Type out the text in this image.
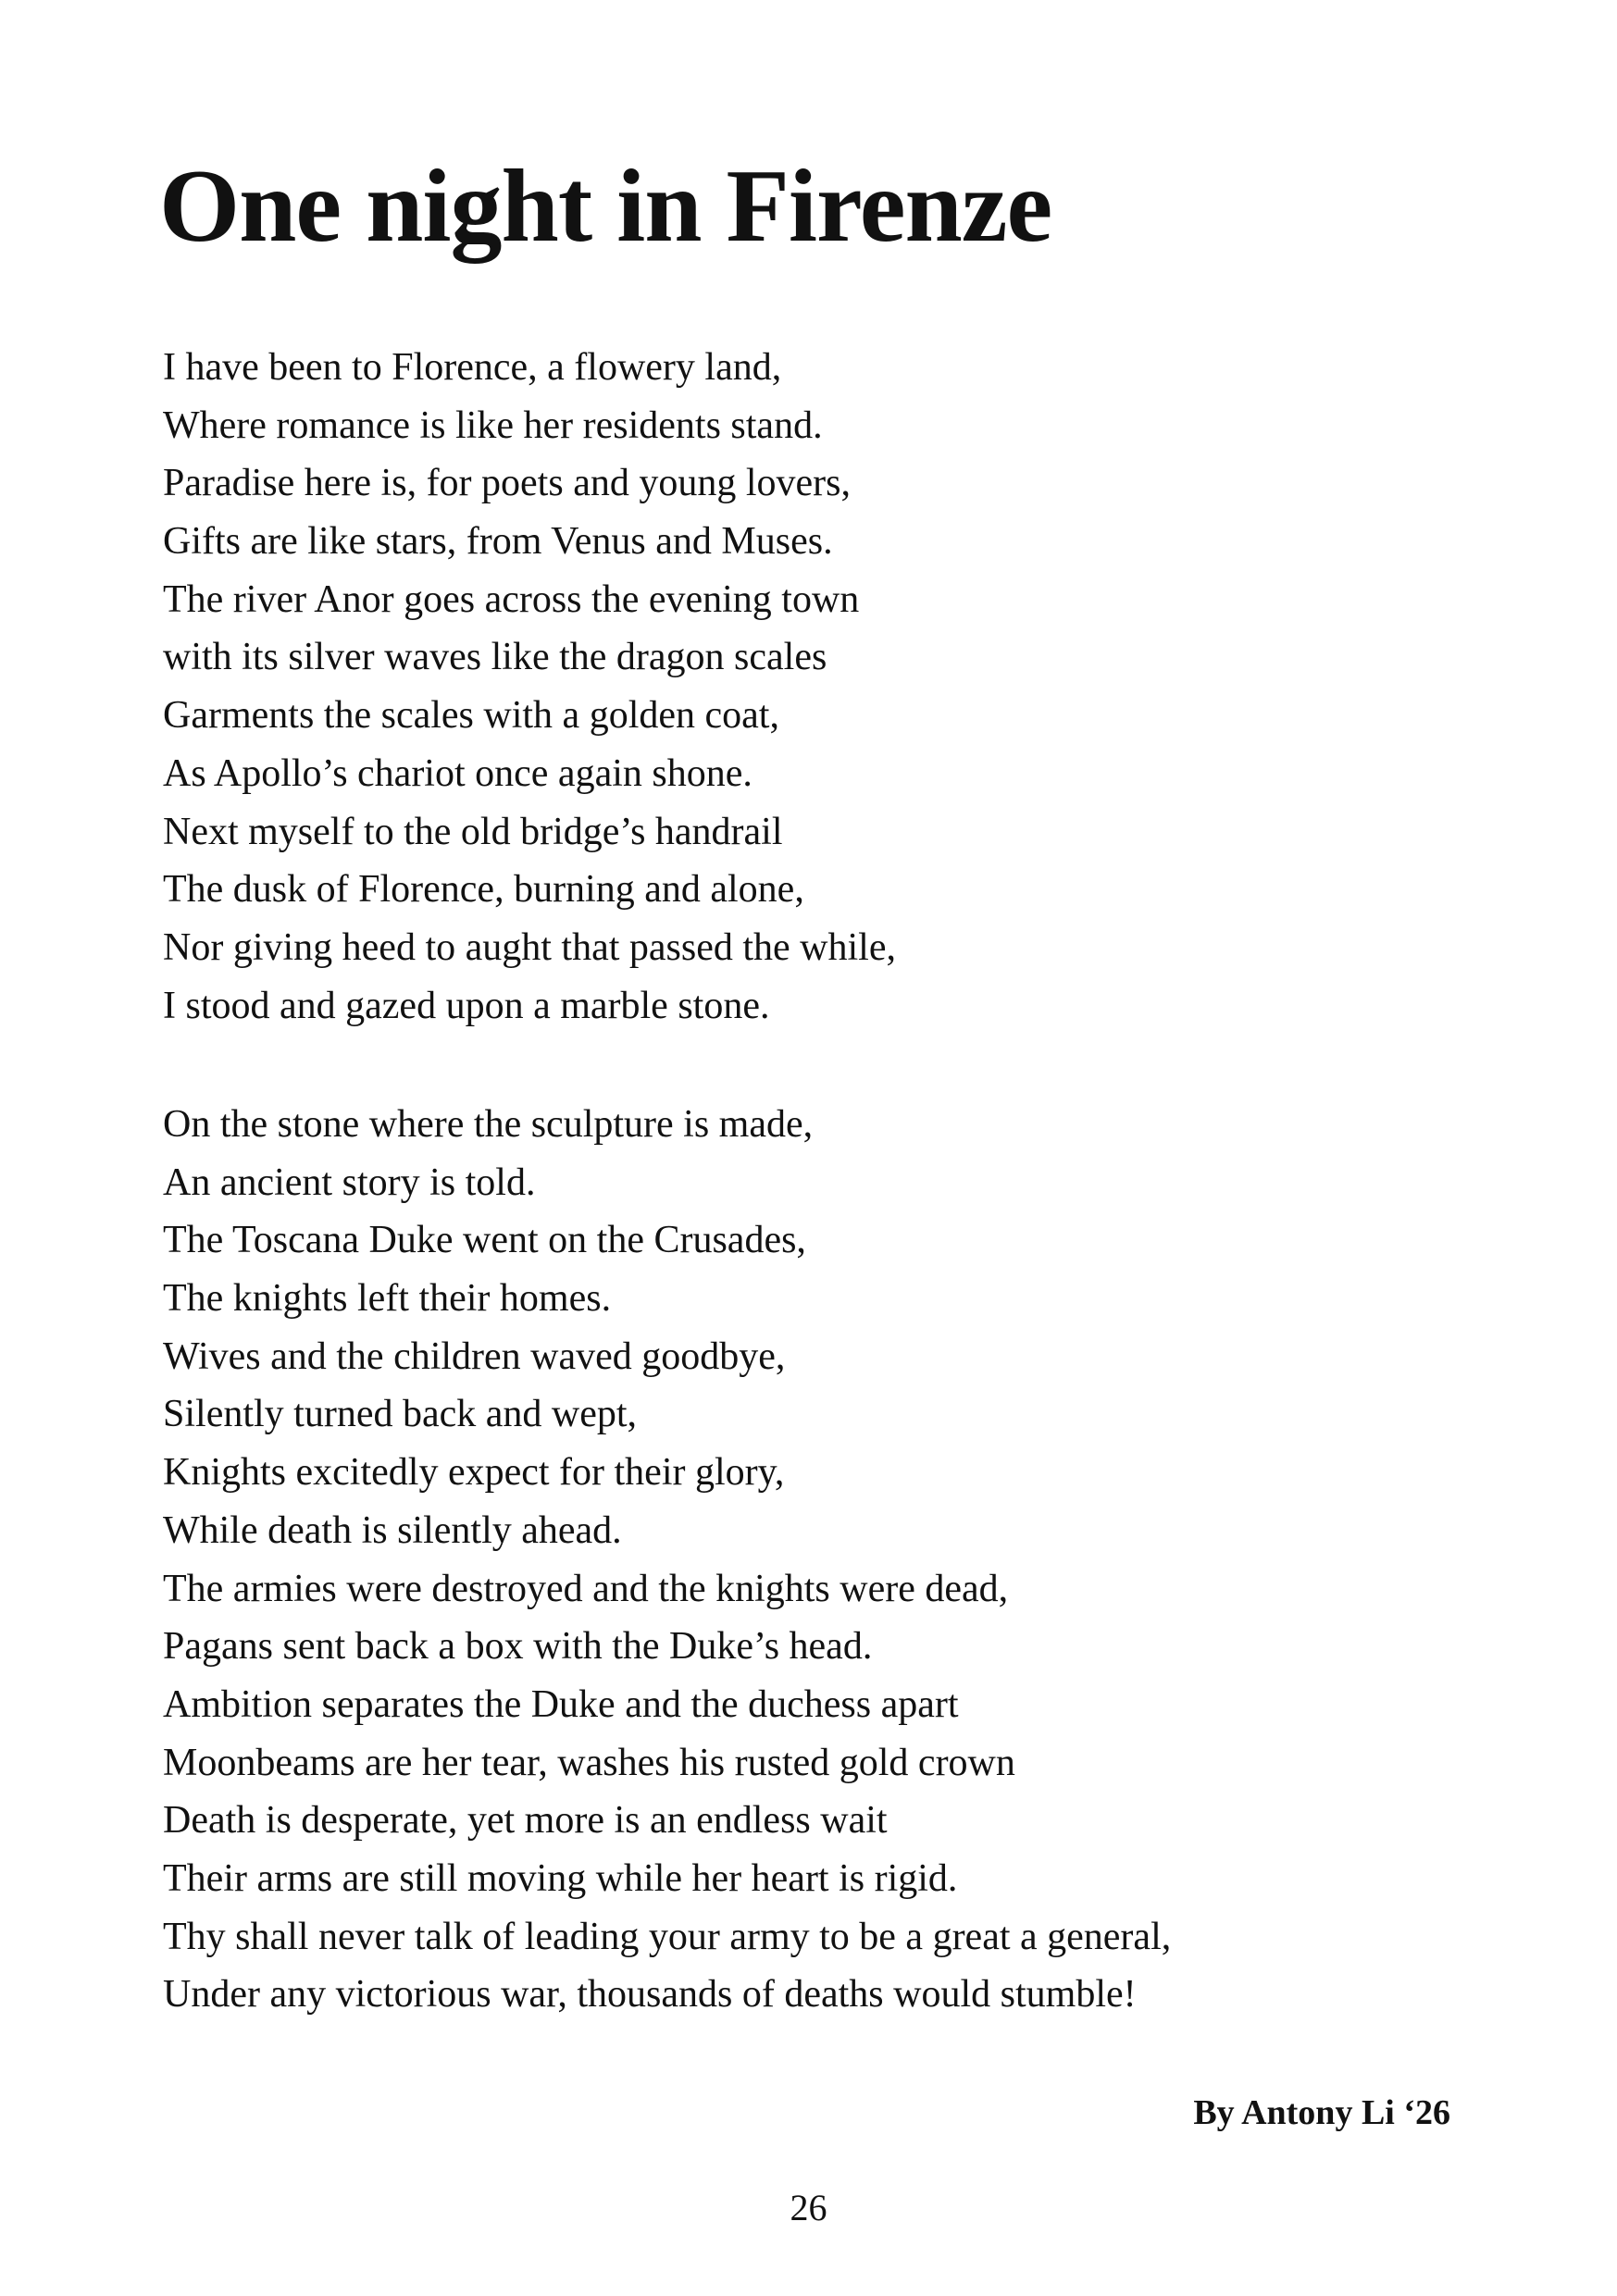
One night in Firenze
I have been to Florence, a flowery land,
Where romance is like her residents stand.
Paradise here is, for poets and young lovers,
Gifts are like stars, from Venus and Muses.
The river Anor goes across the evening town
with its silver waves like the dragon scales
Garments the scales with a golden coat,
As Apollo’s chariot once again shone.
Next myself to the old bridge’s handrail
The dusk of Florence, burning and alone,
Nor giving heed to aught that passed the while,
I stood and gazed upon a marble stone.
On the stone where the sculpture is made,
An ancient story is told.
The Toscana Duke went on the Crusades,
The knights left their homes.
Wives and the children waved goodbye,
Silently turned back and wept,
Knights excitedly expect for their glory,
While death is silently ahead.
The armies were destroyed and the knights were dead,
Pagans sent back a box with the Duke’s head.
Ambition separates the Duke and the duchess apart
Moonbeams are her tear, washes his rusted gold crown
Death is desperate, yet more is an endless wait
Their arms are still moving while her heart is rigid.
Thy shall never talk of leading your army to be a great a general,
Under any victorious war, thousands of deaths would stumble!
By Antony Li ‘26
26
